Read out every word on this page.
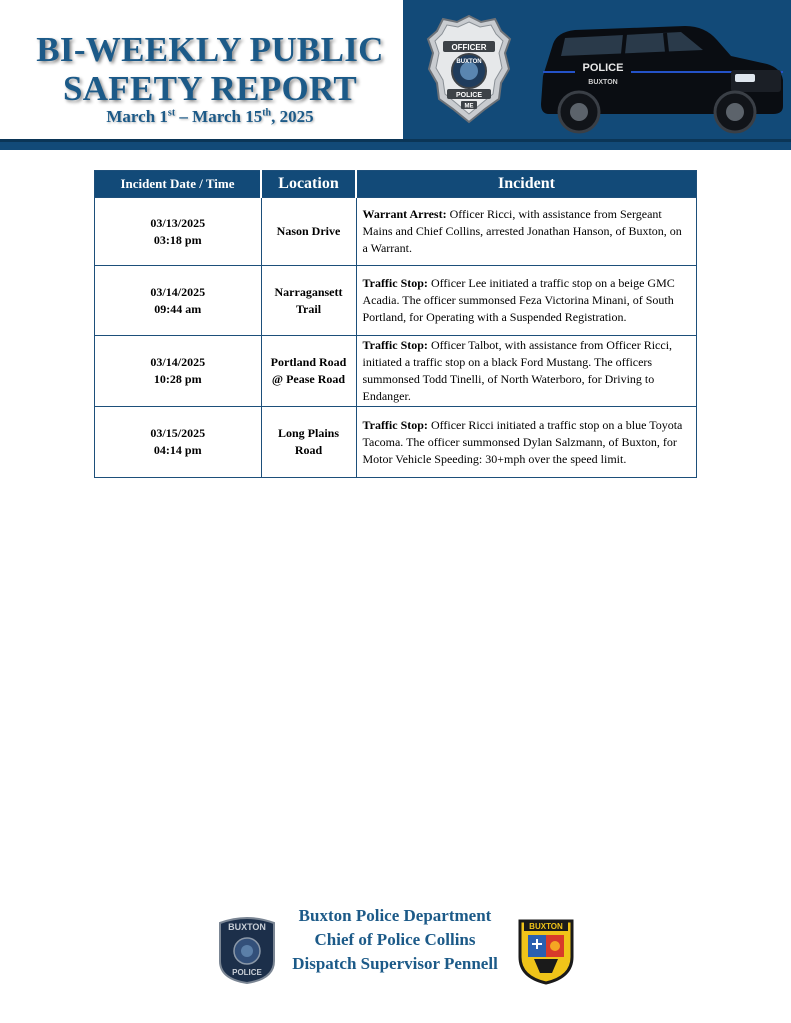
BI-WEEKLY PUBLIC
SAFETY REPORT
March 1st – March 15th, 2025
OFFICER
BUXTON
POLICE
ME
POLICE
BUXTON
Incident Date / Time	Location	Incident

03/13/2025
03:18 pm	Nason Drive	Warrant Arrest: Officer Ricci, with assistance from Sergeant Mains and Chief Collins, arrested Jonathan Hanson, of Buxton, on a Warrant.

03/14/2025
09:44 am	Narragansett Trail	Traffic Stop: Officer Lee initiated a traffic stop on a beige GMC Acadia. The officer summonsed Feza Victorina Minani, of South Portland, for Operating with a Suspended Registration.

03/14/2025
10:28 pm	Portland Road @ Pease Road	Traffic Stop: Officer Talbot, with assistance from Officer Ricci, initiated a traffic stop on a black Ford Mustang. The officers summonsed Todd Tinelli, of North Waterboro, for Driving to Endanger.

03/15/2025
04:14 pm	Long Plains Road	Traffic Stop: Officer Ricci initiated a traffic stop on a blue Toyota Tacoma. The officer summonsed Dylan Salzmann, of Buxton, for Motor Vehicle Speeding: 30+mph over the speed limit.
BUXTON
POLICE
Buxton Police Department
Chief of Police Collins
Dispatch Supervisor Pennell
BUXTON
